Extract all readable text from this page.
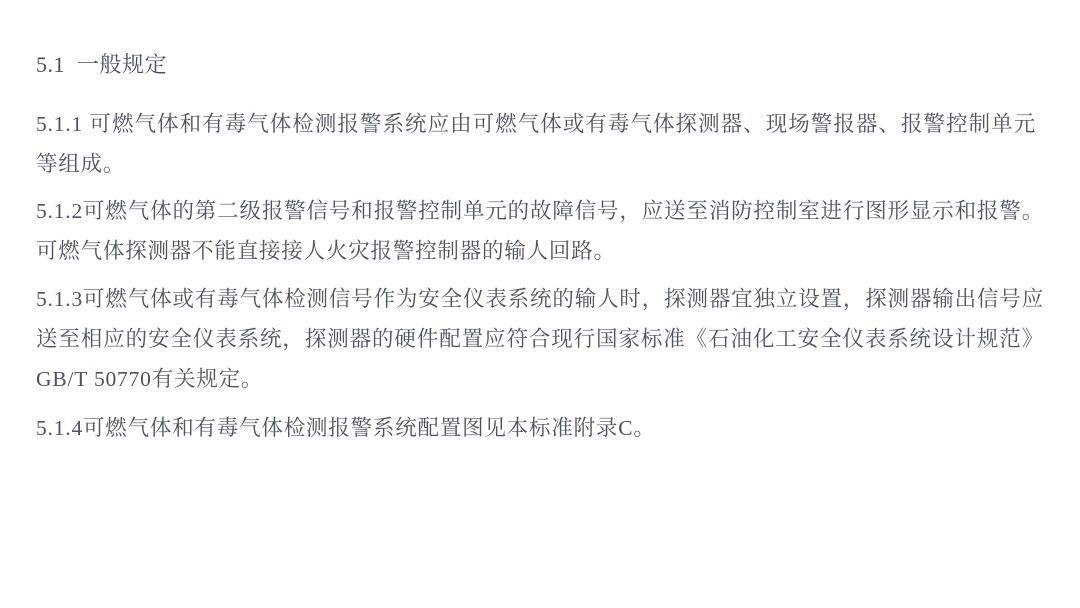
5.1  一般规定

5.1.1 可燃气体和有毒气体检测报警系统应由可燃气体或有毒气体探测器、现场警报器、报警控制单元等组成。

5.1.2可燃气体的第二级报警信号和报警控制单元的故障信号，应送至消防控制室进行图形显示和报警。可燃气体探测器不能直接接人火灾报警控制器的输人回路。

5.1.3可燃气体或有毒气体检测信号作为安全仪表系统的输人时，探测器宜独立设置，探测器输出信号应送至相应的安全仪表系统，探测器的硬件配置应符合现行国家标准《石油化工安全仪表系统设计规范》GB/T 50770有关规定。

5.1.4可燃气体和有毒气体检测报警系统配置图见本标准附录C。
